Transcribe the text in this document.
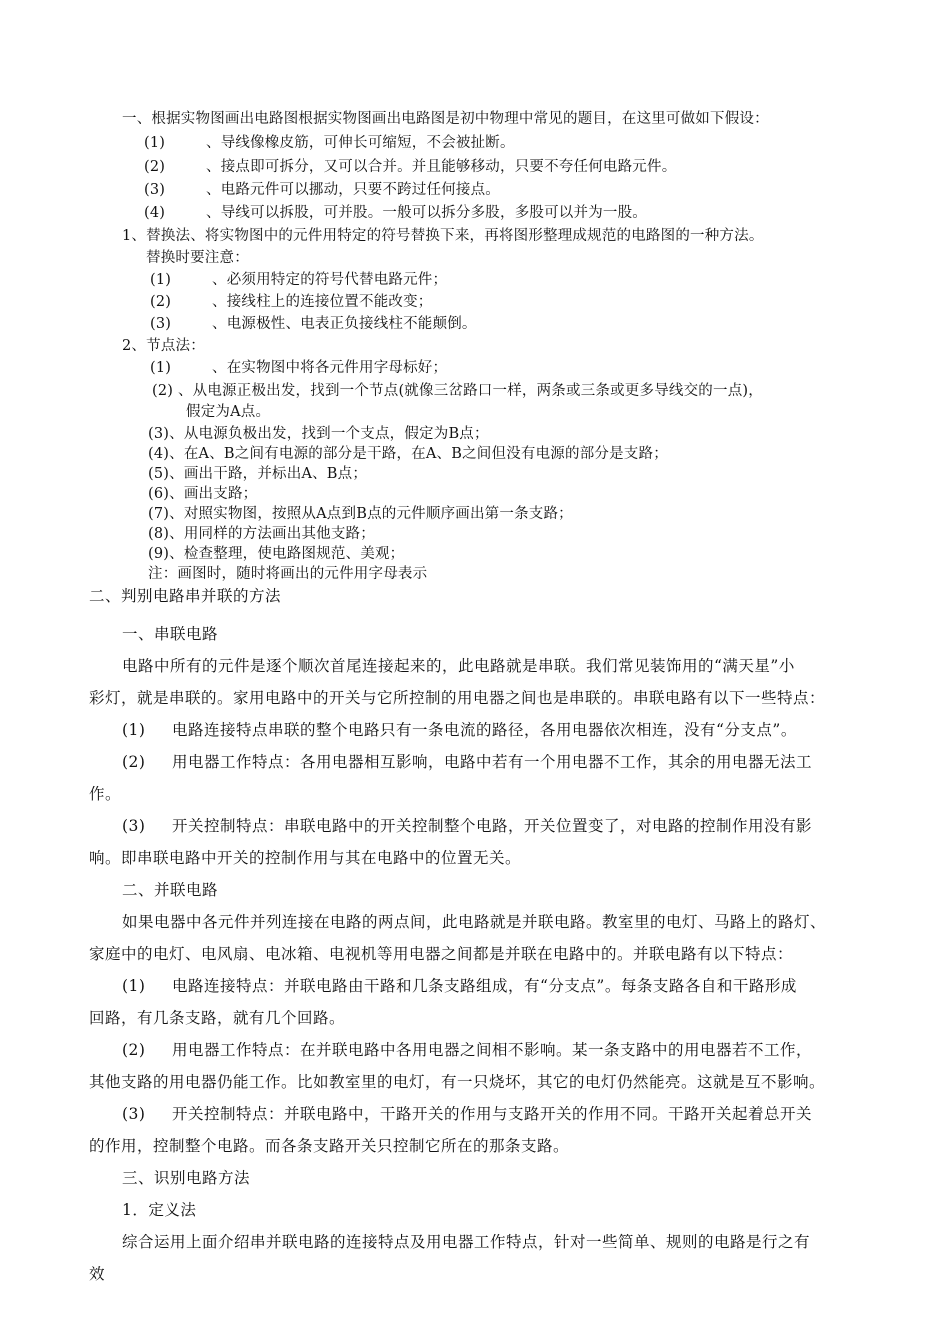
一、根据实物图画出电路图根据实物图画出电路图是初中物理中常见的题目，在这里可做如下假设：
(1)	、导线像橡皮筋，可伸长可缩短，不会被扯断。
(2)	、接点即可拆分，又可以合并。并且能够移动，只要不夸任何电路元件。
(3)	、电路元件可以挪动，只要不跨过任何接点。
(4)	、导线可以拆股，可并股。一般可以拆分多股，多股可以并为一股。
1、替换法、将实物图中的元件用特定的符号替换下来，再将图形整理成规范的电路图的一种方法。
替换时要注意：
(1)	、必须用特定的符号代替电路元件；
(2)	、接线柱上的连接位置不能改变；
(3)	、电源极性、电表正负接线柱不能颠倒。
2、节点法：
(1)	、在实物图中将各元件用字母标好；
(2) 、从电源正极出发，找到一个节点(就像三岔路口一样，两条或三条或更多导线交的一点)，
假定为A点。
(3)、从电源负极出发，找到一个支点，假定为B点；
(4)、在A、B之间有电源的部分是干路，在A、B之间但没有电源的部分是支路；
(5)、画出干路，并标出A、B点；
(6)、画出支路；
(7)、对照实物图，按照从A点到B点的元件顺序画出第一条支路；
(8)、用同样的方法画出其他支路；
(9)、检查整理，使电路图规范、美观；
注：画图时，随时将画出的元件用字母表示
二、判别电路串并联的方法
一、串联电路
电路中所有的元件是逐个顺次首尾连接起来的，此电路就是串联。我们常见装饰用的“满天星”小
彩灯，就是串联的。家用电路中的开关与它所控制的用电器之间也是串联的。串联电路有以下一些特点：
(1) 电路连接特点串联的整个电路只有一条电流的路径，各用电器依次相连，没有“分支点”。
(2) 用电器工作特点：各用电器相互影响，电路中若有一个用电器不工作，其余的用电器无法工
作。
(3) 开关控制特点：串联电路中的开关控制整个电路，开关位置变了，对电路的控制作用没有影
响。即串联电路中开关的控制作用与其在电路中的位置无关。
二、并联电路
如果电器中各元件并列连接在电路的两点间，此电路就是并联电路。教室里的电灯、马路上的路灯、
家庭中的电灯、电风扇、电冰箱、电视机等用电器之间都是并联在电路中的。并联电路有以下特点：
(1) 电路连接特点：并联电路由干路和几条支路组成，有“分支点”。每条支路各自和干路形成
回路，有几条支路，就有几个回路。
(2) 用电器工作特点：在并联电路中各用电器之间相不影响。某一条支路中的用电器若不工作，
其他支路的用电器仍能工作。比如教室里的电灯，有一只烧坏，其它的电灯仍然能亮。这就是互不影响。
(3) 开关控制特点：并联电路中，干路开关的作用与支路开关的作用不同。干路开关起着总开关
的作用，控制整个电路。而各条支路开关只控制它所在的那条支路。
三、识别电路方法
1．定义法
综合运用上面介绍串并联电路的连接特点及用电器工作特点，针对一些简单、规则的电路是行之有
效
